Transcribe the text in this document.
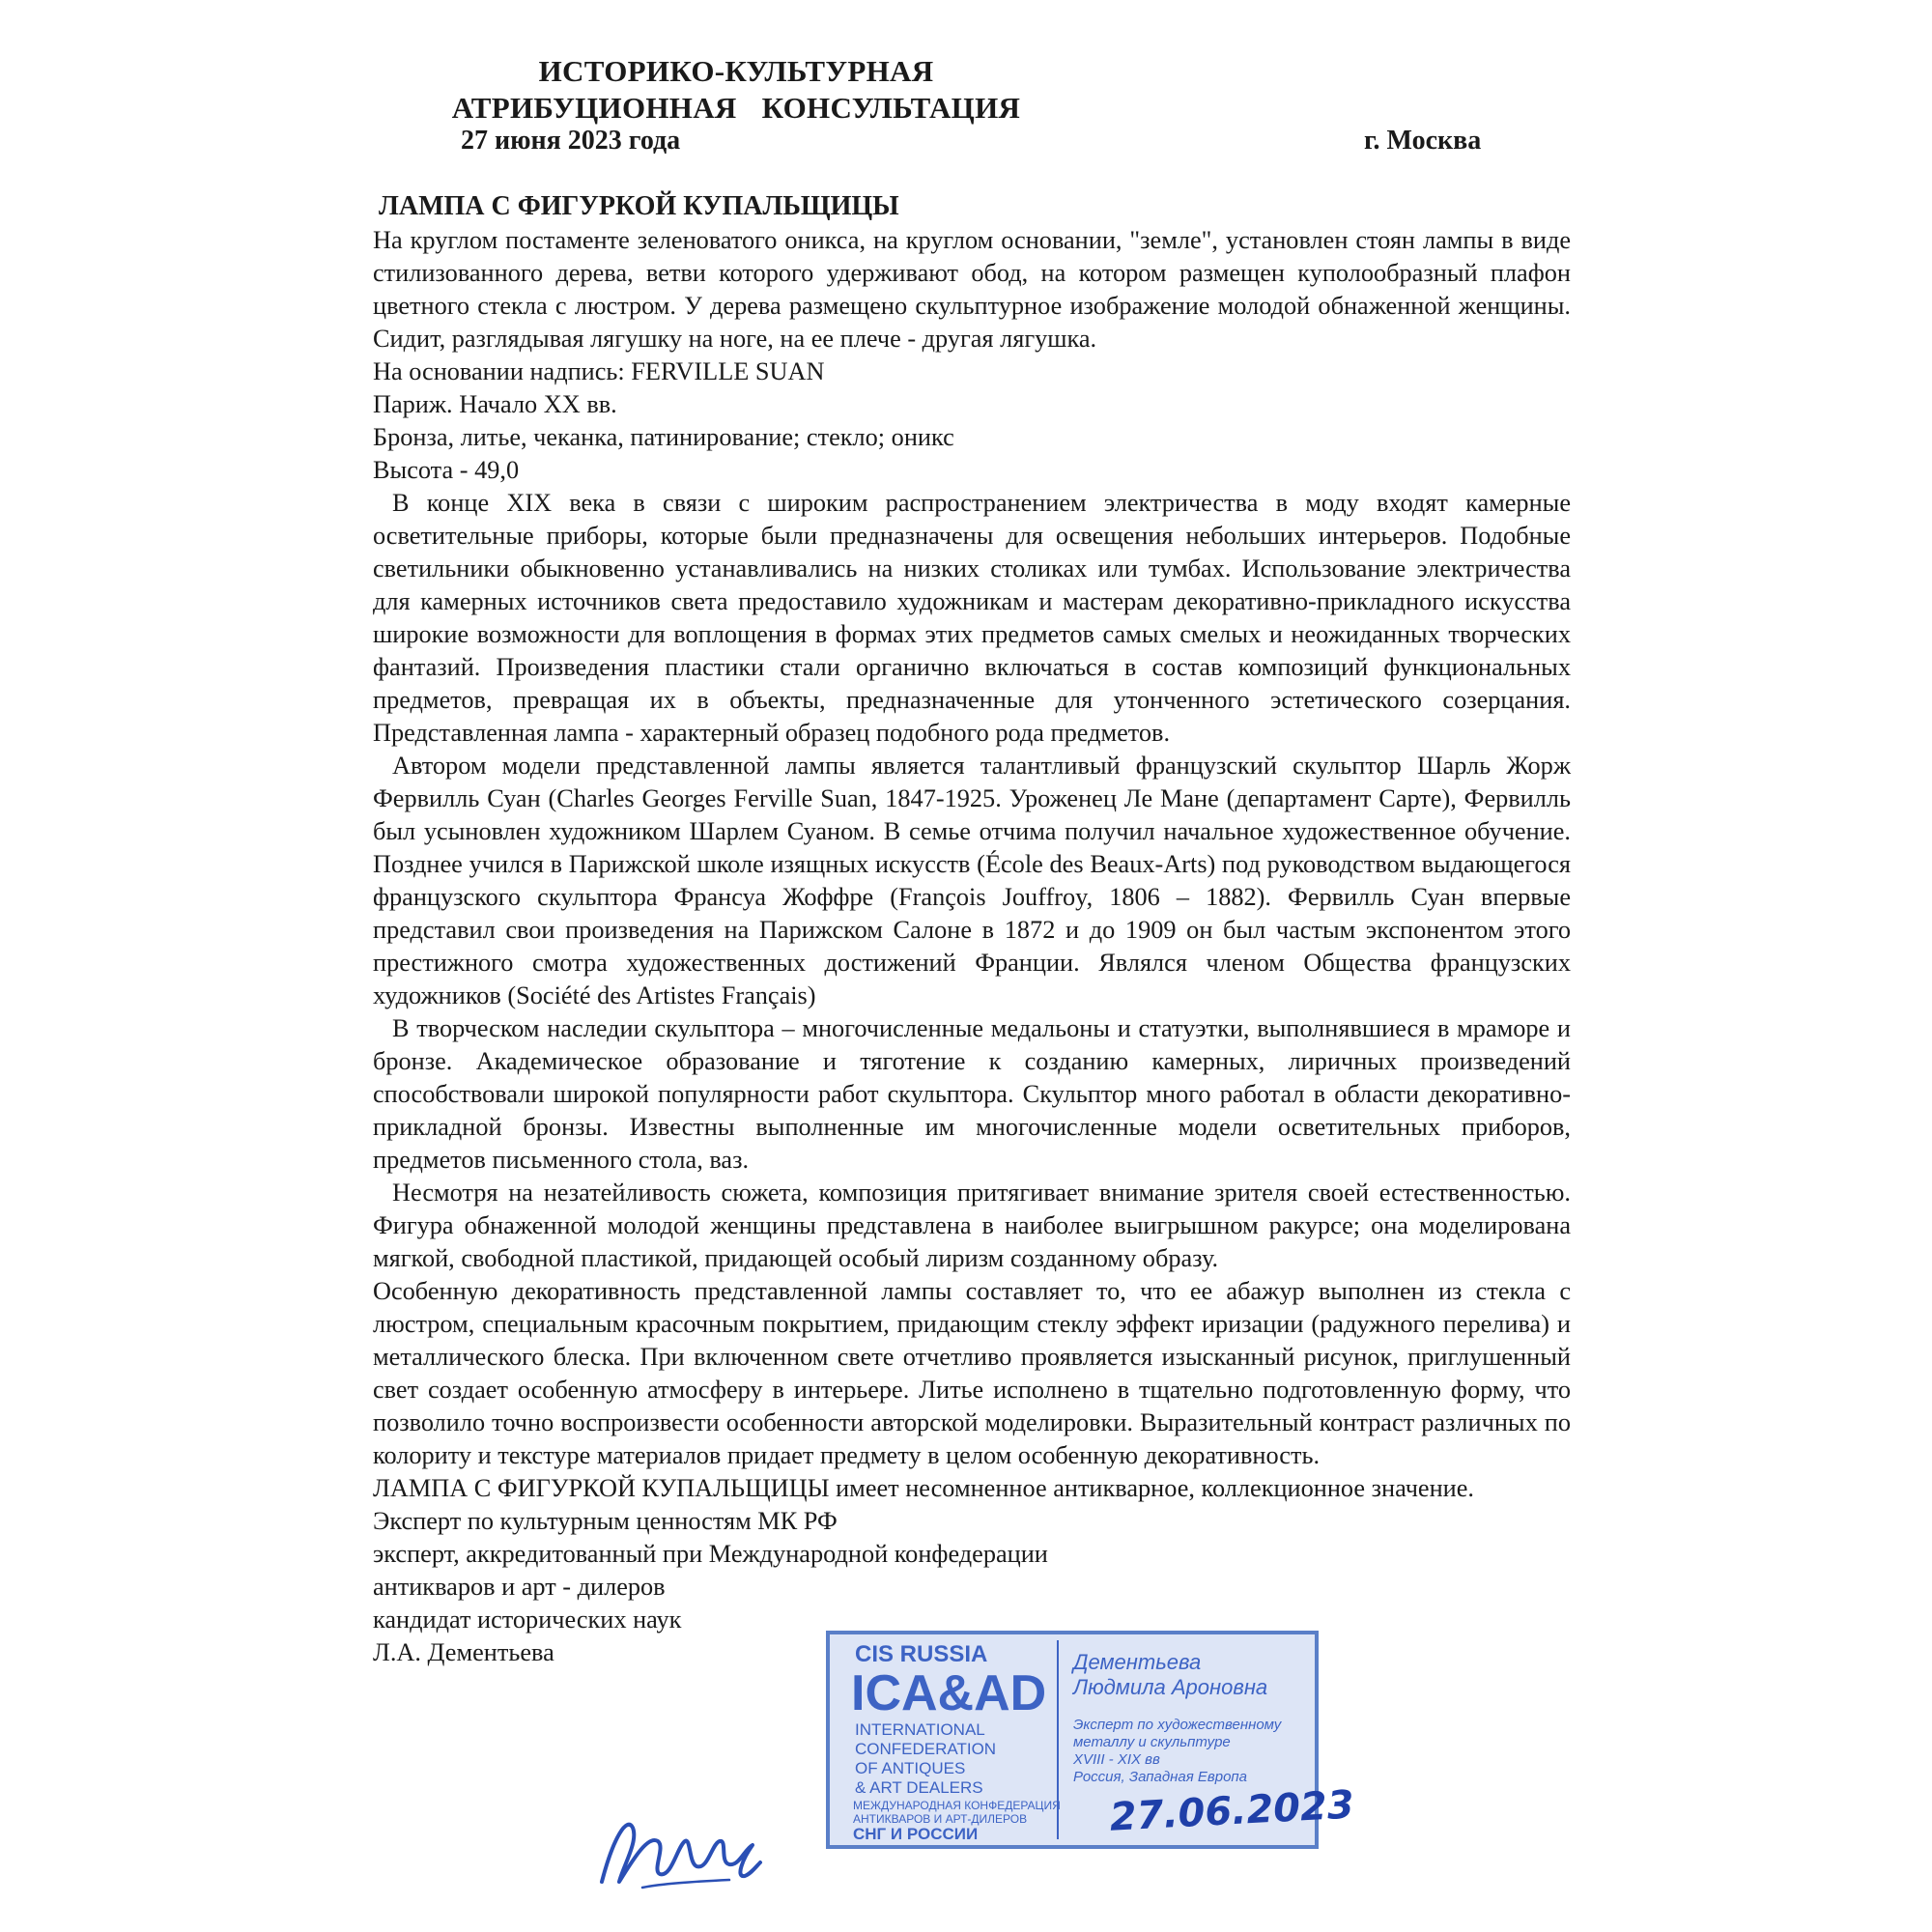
ИСТОРИКО-КУЛЬТУРНАЯ
АТРИБУЦИОННАЯ КОНСУЛЬТАЦИЯ
27 июня 2023 года	г. Москва
ЛАМПА С ФИГУРКОЙ КУПАЛЬЩИЦЫ

На круглом постаменте зеленоватого оникса, на круглом основании, "земле", установлен стоян лампы в виде стилизованного дерева, ветви которого удерживают обод, на котором размещен куполообразный плафон цветного стекла с люстром. У дерева размещено скульптурное изображение молодой обнаженной женщины. Сидит, разглядывая лягушку на ноге, на ее плече - другая лягушка.

На основании надпись: FERVILLE SUAN
Париж. Начало XX вв.
Бронза, литье, чеканка, патинирование; стекло; оникс
Высота - 49,0

В конце XIX века в связи с широким распространением электричества в моду входят камерные осветительные приборы, которые были предназначены для освещения небольших интерьеров. Подобные светильники обыкновенно устанавливались на низких столиках или тумбах. Использование электричества для камерных источников света предоставило художникам и мастерам декоративно-прикладного искусства широкие возможности для воплощения в формах этих предметов самых смелых и неожиданных творческих фантазий. Произведения пластики стали органично включаться в состав композиций функциональных предметов, превращая их в объекты, предназначенные для утонченного эстетического созерцания. Представленная лампа - характерный образец подобного рода предметов.

Автором модели представленной лампы является талантливый французский скульптор Шарль Жорж Фервилль Суан (Charles Georges Ferville Suan, 1847-1925. Уроженец Ле Мане (департамент Сарте), Фервилль был усыновлен художником Шарлем Суаном. В семье отчима получил начальное художественное обучение. Позднее учился в Парижской школе изящных искусств (École des Beaux-Arts) под руководством выдающегося французского скульптора Франсуа Жоффре (François Jouffroy, 1806 – 1882). Фервилль Суан впервые представил свои произведения на Парижском Салоне в 1872 и до 1909 он был частым экспонентом этого престижного смотра художественных достижений Франции. Являлся членом Общества французских художников (Société des Artistes Français)

В творческом наследии скульптора – многочисленные медальоны и статуэтки, выполнявшиеся в мраморе и бронзе. Академическое образование и тяготение к созданию камерных, лиричных произведений способствовали широкой популярности работ скульптора. Скульптор много работал в области декоративно-прикладной бронзы. Известны выполненные им многочисленные модели осветительных приборов, предметов письменного стола, ваз.

Несмотря на незатейливость сюжета, композиция притягивает внимание зрителя своей естественностью. Фигура обнаженной молодой женщины представлена в наиболее выигрышном ракурсе; она моделирована мягкой, свободной пластикой, придающей особый лиризм созданному образу.

Особенную декоративность представленной лампы составляет то, что ее абажур выполнен из стекла с люстром, специальным красочным покрытием, придающим стеклу эффект иризации (радужного перелива) и металлического блеска. При включенном свете отчетливо проявляется изысканный рисунок, приглушенный свет создает особенную атмосферу в интерьере. Литье исполнено в тщательно подготовленную форму, что позволило точно воспроизвести особенности авторской моделировки. Выразительный контраст различных по колориту и текстуре материалов придает предмету в целом особенную декоративность.

ЛАМПА С ФИГУРКОЙ КУПАЛЬЩИЦЫ имеет несомненное антикварное, коллекционное значение.

Эксперт по культурным ценностям МК РФ
эксперт, аккредитованный при Международной конфедерации
антикваров и арт - дилеров
кандидат исторических наук
Л.А. Дементьева	CIS RUSSIA
ICA&AD
INTERNATIONAL
CONFEDERATION
OF ANTIQUES
& ART DEALERS
МЕЖДУНАРОДНАЯ КОНФЕДЕРАЦИЯ
АНТИКВАРОВ И АРТ-ДИЛЕРОВ
СНГ И РОССИИ
Дементьева
Людмила Ароновна
Эксперт по художественному
металлу и скульптуре
XVIII - XIX вв
Россия, Западная Европа
27.06.2023
